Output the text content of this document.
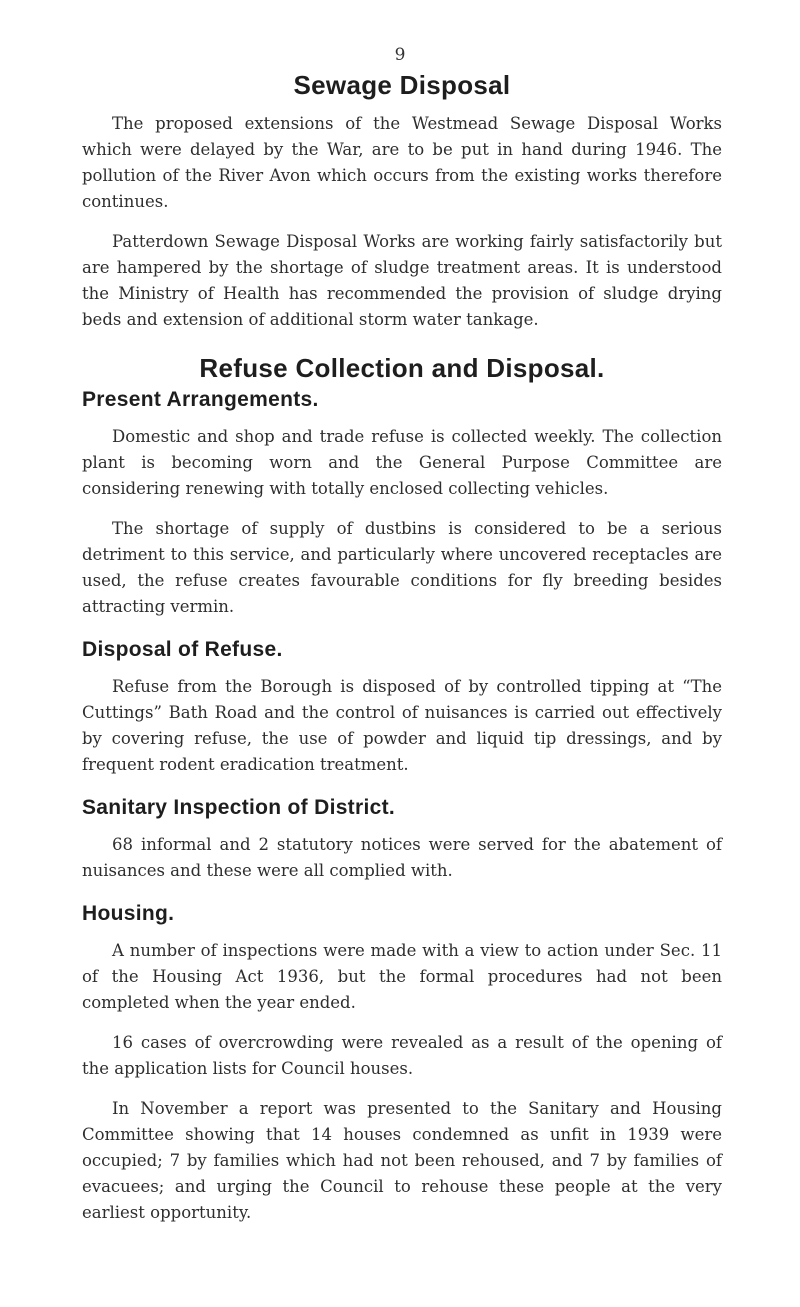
9
Sewage Disposal

The proposed extensions of the Westmead Sewage Disposal Works which were delayed by the War, are to be put in hand during 1946. The pollution of the River Avon which occurs from the existing works therefore continues.

Patterdown Sewage Disposal Works are working fairly satisfactorily but are hampered by the shortage of sludge treatment areas. It is understood the Ministry of Health has recommended the provision of sludge drying beds and extension of additional storm water tankage.

Refuse Collection and Disposal.
Present Arrangements.

Domestic and shop and trade refuse is collected weekly. The collection plant is becoming worn and the General Purpose Committee are considering renewing with totally enclosed collecting vehicles.

The shortage of supply of dustbins is considered to be a serious detriment to this service, and particularly where uncovered receptacles are used, the refuse creates favourable conditions for fly breeding besides attracting vermin.

Disposal of Refuse.

Refuse from the Borough is disposed of by controlled tipping at “The Cuttings” Bath Road and the control of nuisances is carried out effectively by covering refuse, the use of powder and liquid tip dressings, and by frequent rodent eradication treatment.

Sanitary Inspection of District.

68 informal and 2 statutory notices were served for the abatement of nuisances and these were all complied with.

Housing.

A number of inspections were made with a view to action under Sec. 11 of the Housing Act 1936, but the formal procedures had not been completed when the year ended.

16 cases of overcrowding were revealed as a result of the opening of the application lists for Council houses.

In November a report was presented to the Sanitary and Housing Committee showing that 14 houses condemned as unfit in 1939 were occupied; 7 by families which had not been rehoused, and 7 by families of evacuees; and urging the Council to rehouse these people at the very earliest opportunity.
